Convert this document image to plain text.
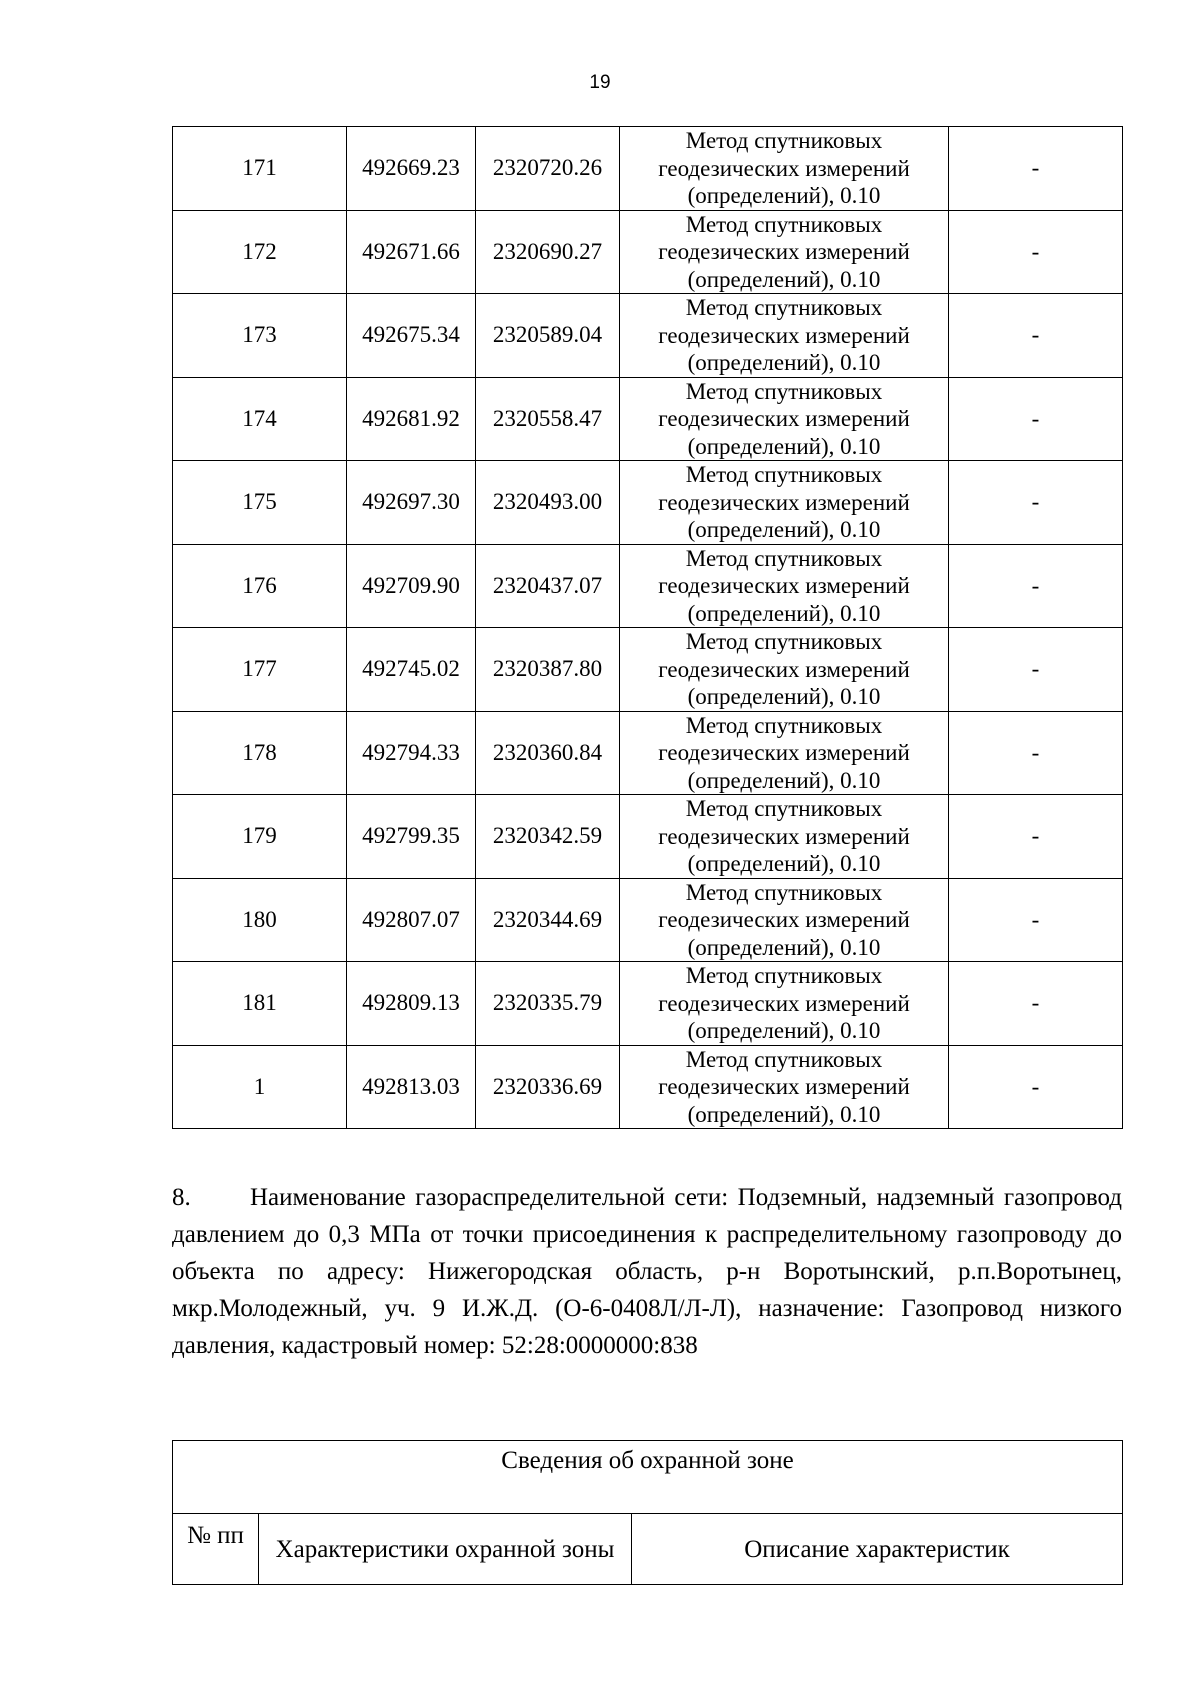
19
171	492669.23	2320720.26	Метод спутниковых
геодезических измерений
(определений), 0.10	-
172	492671.66	2320690.27	Метод спутниковых
геодезических измерений
(определений), 0.10	-
173	492675.34	2320589.04	Метод спутниковых
геодезических измерений
(определений), 0.10	-
174	492681.92	2320558.47	Метод спутниковых
геодезических измерений
(определений), 0.10	-
175	492697.30	2320493.00	Метод спутниковых
геодезических измерений
(определений), 0.10	-
176	492709.90	2320437.07	Метод спутниковых
геодезических измерений
(определений), 0.10	-
177	492745.02	2320387.80	Метод спутниковых
геодезических измерений
(определений), 0.10	-
178	492794.33	2320360.84	Метод спутниковых
геодезических измерений
(определений), 0.10	-
179	492799.35	2320342.59	Метод спутниковых
геодезических измерений
(определений), 0.10	-
180	492807.07	2320344.69	Метод спутниковых
геодезических измерений
(определений), 0.10	-
181	492809.13	2320335.79	Метод спутниковых
геодезических измерений
(определений), 0.10	-
1	492813.03	2320336.69	Метод спутниковых
геодезических измерений
(определений), 0.10	-

8. Наименование газораспределительной сети: Подземный, надземный газопровод давлением до 0,3 МПа от точки присоединения к распределительному газопроводу до объекта по адресу: Нижегородская область, р-н Воротынский, р.п.Воротынец, мкр.Молодежный, уч. 9 И.Ж.Д. (О-6-0408Л/Л-Л), назначение: Газопровод низкого давления, кадастровый номер: 52:28:0000000:838

Сведения об охранной зоне
№ пп	Характеристики охранной зоны	Описание характеристик
